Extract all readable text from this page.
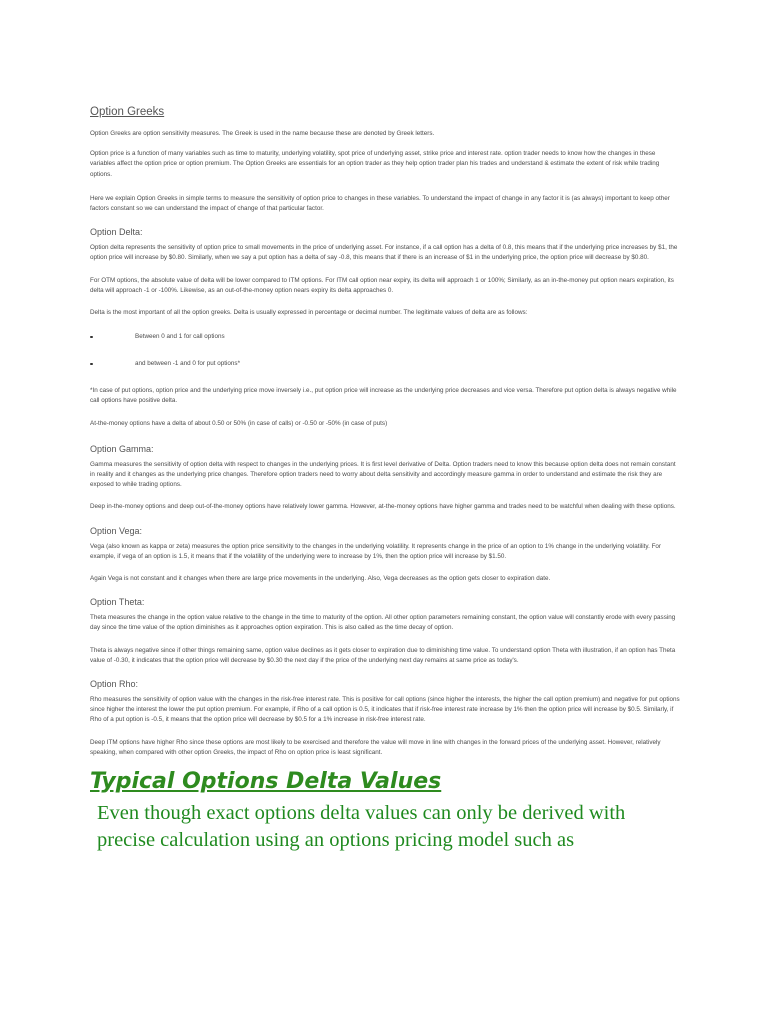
Option Greeks

Option Greeks are option sensitivity measures. The Greek is used in the name because these are denoted by Greek letters.

Option price is a function of many variables such as time to maturity, underlying volatility, spot price of underlying asset, strike price and interest rate. option trader needs to know how the changes in these variables affect the option price or option premium. The Option Greeks are essentials for an option trader as they help option trader plan his trades and understand & estimate the extent of risk while trading options.

Here we explain Option Greeks in simple terms to measure the sensitivity of option price to changes in these variables. To understand the impact of change in any factor it is (as always) important to keep other factors constant so we can understand the impact of change of that particular factor.

Option Delta:

Option delta represents the sensitivity of option price to small movements in the price of underlying asset. For instance, if a call option has a delta of 0.8, this means that if the underlying price increases by $1, the option price will increase by $0.80. Similarly, when we say a put option has a delta of say -0.8, this means that if there is an increase of $1 in the underlying price, the option price will decrease by $0.80.

For OTM options, the absolute value of delta will be lower compared to ITM options. For ITM call option near expiry, its delta will approach 1 or 100%; Similarly, as an in-the-money put option nears expiration, its delta will approach -1 or -100%. Likewise, as an out-of-the-money option nears expiry its delta approaches 0.

Delta is the most important of all the option greeks. Delta is usually expressed in percentage or decimal number. The legitimate values of delta are as follows:

Between 0 and 1 for call options
and between -1 and 0 for put options*

*In case of put options, option price and the underlying price move inversely i.e., put option price will increase as the underlying price decreases and vice versa. Therefore put option delta is always negative while call options have positive delta.

At-the-money options have a delta of about 0.50 or 50% (in case of calls) or -0.50 or -50% (in case of puts)

Option Gamma:

Gamma measures the sensitivity of option delta with respect to changes in the underlying prices. It is first level derivative of Delta. Option traders need to know this because option delta does not remain constant in reality and it changes as the underlying price changes. Therefore option traders need to worry about delta sensitivity and accordingly measure gamma in order to understand and estimate the risk they are exposed to while trading options.

Deep in-the-money options and deep out-of-the-money options have relatively lower gamma. However, at-the-money options have higher gamma and trades need to be watchful when dealing with these options.

Option Vega:

Vega (also known as kappa or zeta) measures the option price sensitivity to the changes in the underlying volatility. It represents change in the price of an option to 1% change in the underlying volatility. For example, if vega of an option is 1.5, it means that if the volatility of the underlying were to increase by 1%, then the option price will increase by $1.50.

Again Vega is not constant and it changes when there are large price movements in the underlying. Also, Vega decreases as the option gets closer to expiration date.

Option Theta:

Theta measures the change in the option value relative to the change in the time to maturity of the option. All other option parameters remaining constant, the option value will constantly erode with every passing day since the time value of the option diminishes as it approaches option expiration. This is also called as the time decay of option.

Theta is always negative since if other things remaining same, option value declines as it gets closer to expiration due to diminishing time value. To understand option Theta with illustration, if an option has Theta value of -0.30, it indicates that the option price will decrease by $0.30 the next day if the price of the underlying next day remains at same price as today's.

Option Rho:

Rho measures the sensitivity of option value with the changes in the risk-free interest rate. This is positive for call options (since higher the interests, the higher the call option premium) and negative for put options since higher the interest the lower the put option premium. For example, if Rho of a call option is 0.5, it indicates that if risk-free interest rate increase by 1% then the option price will increase by $0.5. Similarly, if Rho of a put option is -0.5, it means that the option price will decrease by $0.5 for a 1% increase in risk-free interest rate.

Deep ITM options have higher Rho since these options are most likely to be exercised and therefore the value will move in line with changes in the forward prices of the underlying asset. However, relatively speaking, when compared with other option Greeks, the impact of Rho on option price is least significant.

Typical Options Delta Values

Even though exact options delta values can only be derived with precise calculation using an options pricing model such as
